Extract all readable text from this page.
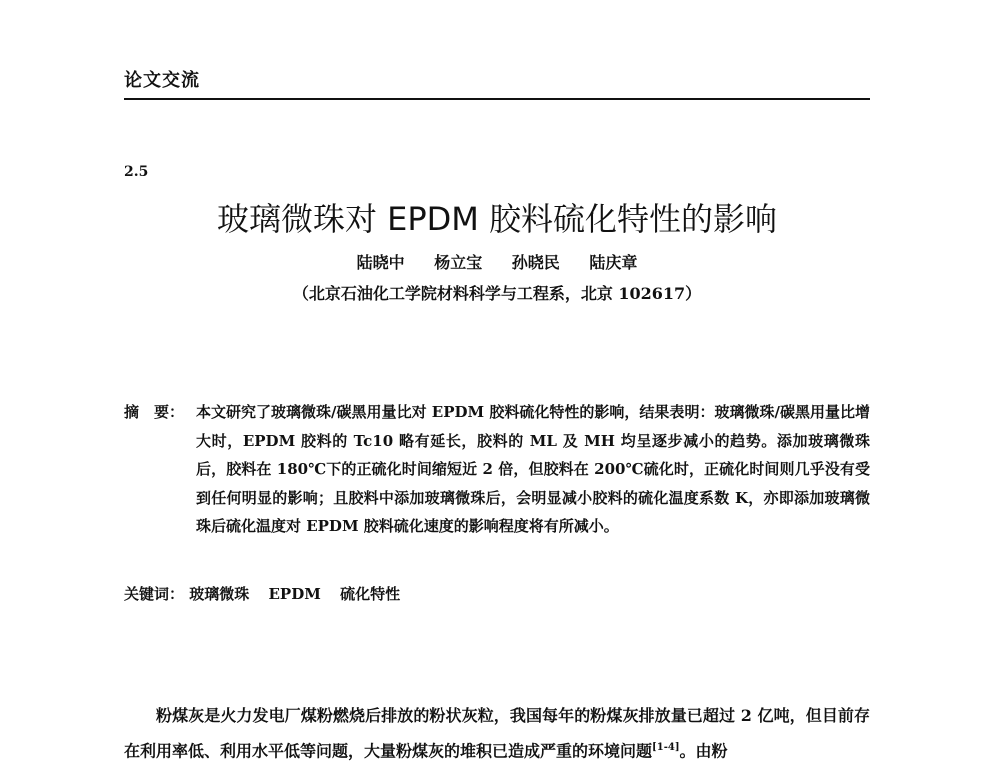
论文交流
2.5
玻璃微珠对 EPDM 胶料硫化特性的影响
陆晓中 杨立宝 孙晓民 陆庆章
（北京石油化工学院材料科学与工程系，北京 102617）
摘　要： 本文研究了玻璃微珠/碳黑用量比对 EPDM 胶料硫化特性的影响，结果表明：玻璃微珠/碳黑用量比增大时，EPDM 胶料的 Tc10 略有延长，胶料的 ML 及 MH 均呈逐步减小的趋势。添加玻璃微珠后，胶料在 180℃下的正硫化时间缩短近 2 倍，但胶料在 200℃硫化时，正硫化时间则几乎没有受到任何明显的影响；且胶料中添加玻璃微珠后，会明显减小胶料的硫化温度系数 K，亦即添加玻璃微珠后硫化温度对 EPDM 胶料硫化速度的影响程度将有所减小。
关键词： 玻璃微珠 EPDM 硫化特性
粉煤灰是火力发电厂煤粉燃烧后排放的粉状灰粒，我国每年的粉煤灰排放量已超过 2 亿吨，但目前存在利用率低、利用水平低等问题，大量粉煤灰的堆积已造成严重的环境问题[1-4]。由粉
